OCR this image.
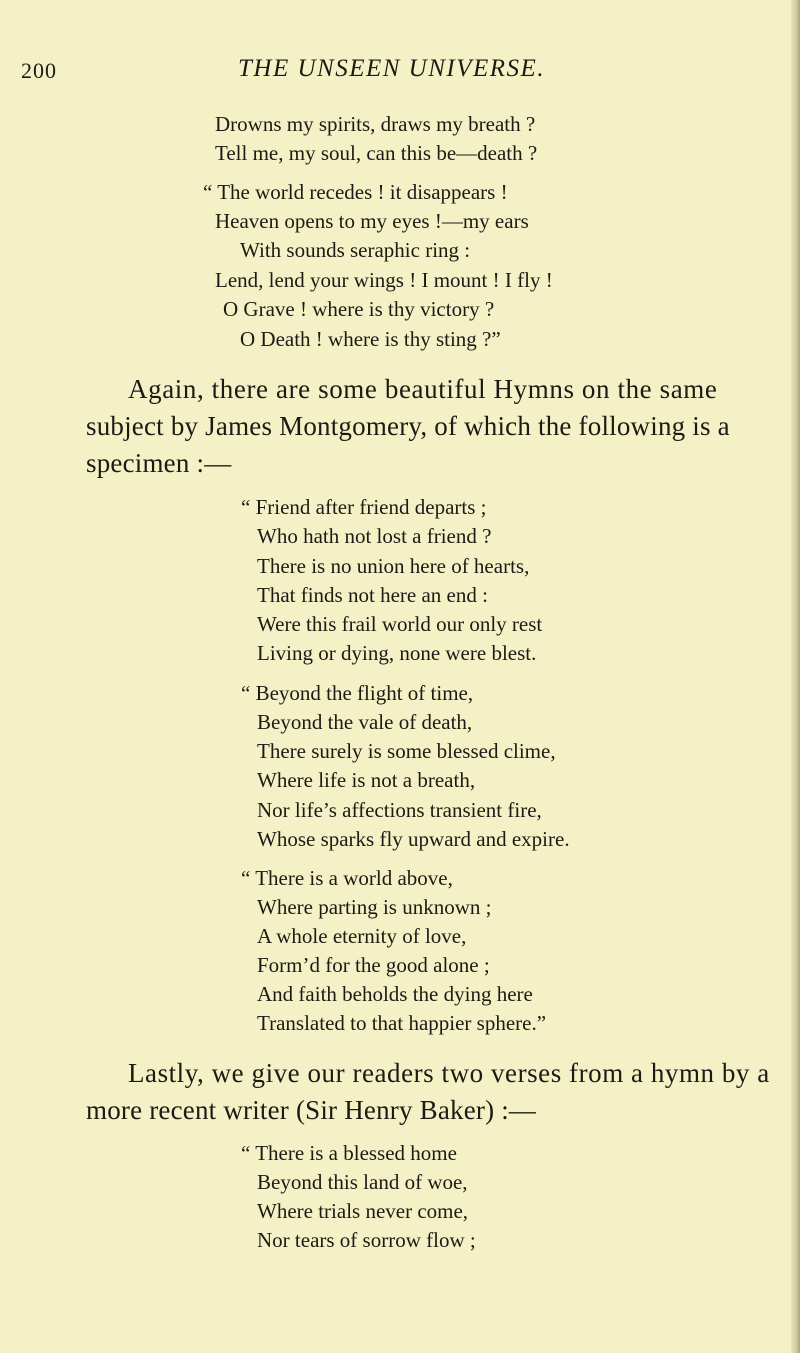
200	THE UNSEEN UNIVERSE.
Drowns my spirits, draws my breath ?
Tell me, my soul, can this be—death ?
“ The world recedes ! it disappears !
Heaven opens to my eyes !—my ears
With sounds seraphic ring :
Lend, lend your wings ! I mount ! I fly !
O Grave ! where is thy victory ?
O Death ! where is thy sting ?”
Again, there are some beautiful Hymns on the same
subject by James Montgomery, of which the following is a
specimen :—
“ Friend after friend departs ;
Who hath not lost a friend ?
There is no union here of hearts,
That finds not here an end :
Were this frail world our only rest
Living or dying, none were blest.
“ Beyond the flight of time,
Beyond the vale of death,
There surely is some blessed clime,
Where life is not a breath,
Nor life’s affections transient fire,
Whose sparks fly upward and expire.
“ There is a world above,
Where parting is unknown ;
A whole eternity of love,
Form’d for the good alone ;
And faith beholds the dying here
Translated to that happier sphere.”
Lastly, we give our readers two verses from a hymn by a
more recent writer (Sir Henry Baker) :—
“ There is a blessed home
Beyond this land of woe,
Where trials never come,
Nor tears of sorrow flow ;
